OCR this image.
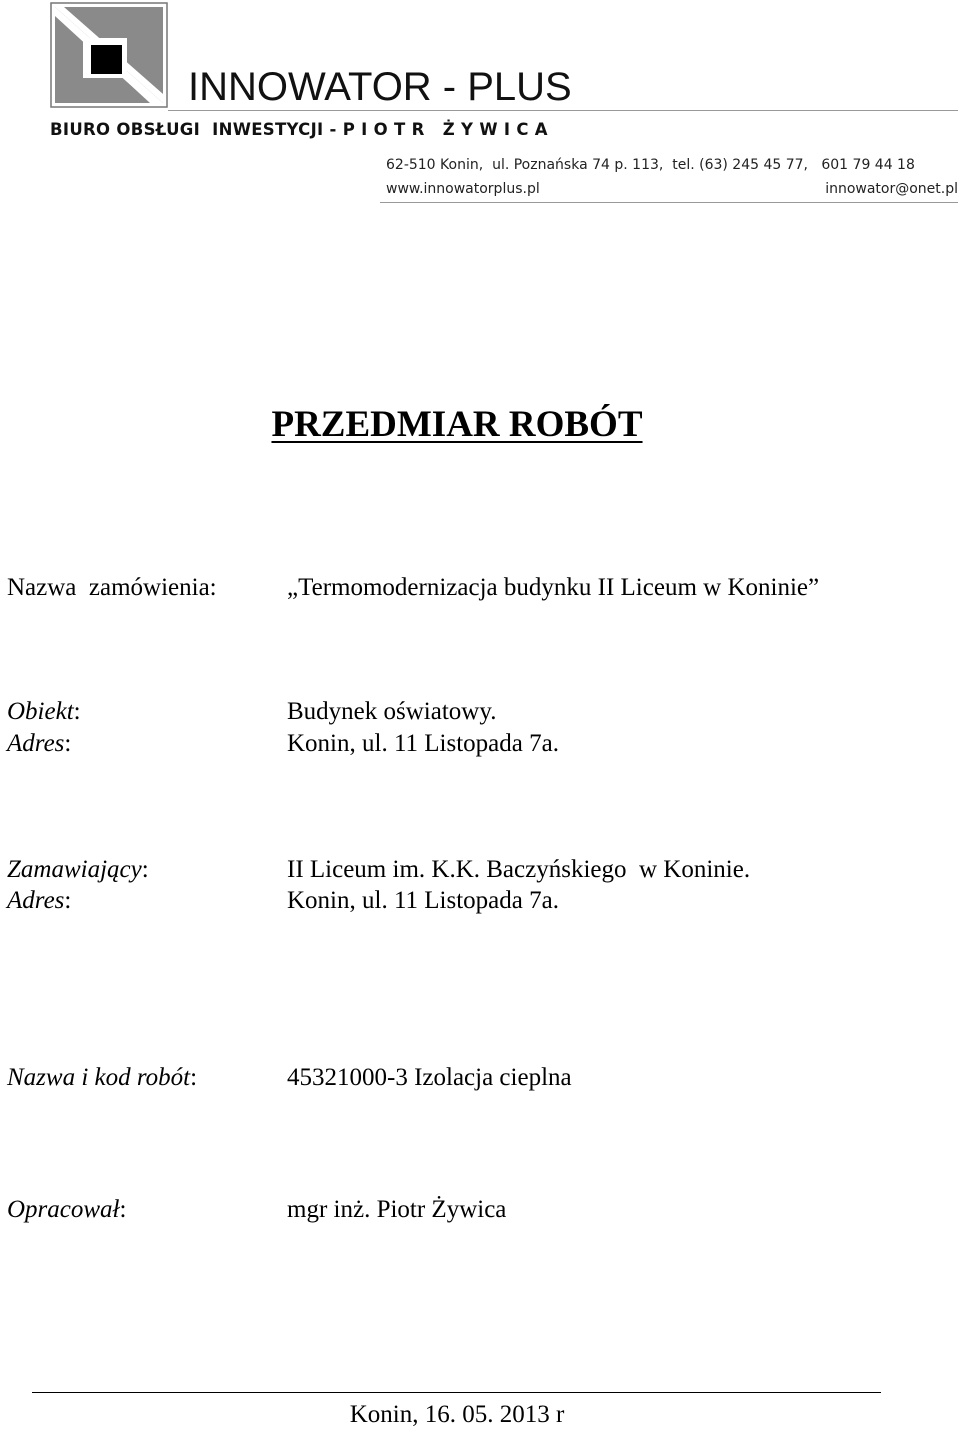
INNOWATOR - PLUS
BIURO OBSŁUGI  INWESTYCJI - P I O T R   Ż Y W I C A
62-510 Konin,  ul. Poznańska 74 p. 113,  tel. (63) 245 45 77,   601 79 44 18
www.innowatorplus.pl	innowator@onet.pl
PRZEDMIAR ROBÓT
Nazwa  zamówienia:	„Termomodernizacja budynku II Liceum w Koninie”
Obiekt:	Budynek oświatowy.
Adres:	Konin, ul. 11 Listopada 7a.
Zamawiający:	II Liceum im. K.K. Baczyńskiego  w Koninie.
Adres:	Konin, ul. 11 Listopada 7a.
Nazwa i kod robót:	45321000-3 Izolacja cieplna
Opracował:	mgr inż. Piotr Żywica
Konin, 16. 05. 2013 r
